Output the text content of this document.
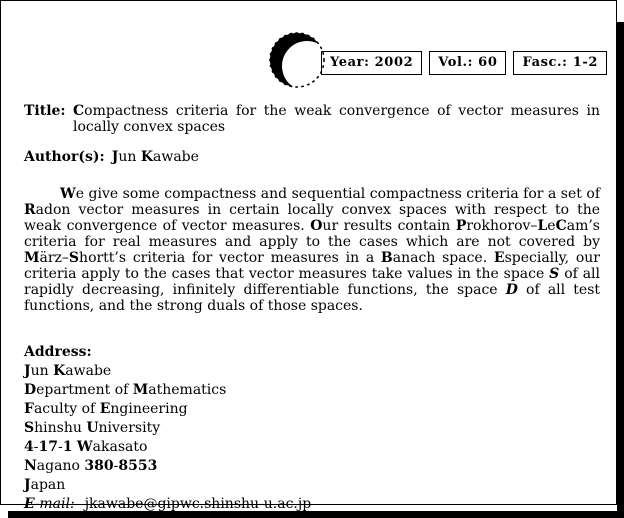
Year: 2002	Vol.: 60	Fasc.: 1-2
Title: Compactness criteria for the weak convergence of vector measures in locally convex spaces
Author(s): Jun Kawabe

We give some compactness and sequential compactness criteria for a set of Radon vector measures in certain locally convex spaces with respect to the weak convergence of vector measures. Our results contain Prokhorov–LeCam’s criteria for real measures and apply to the cases which are not covered by März–Shortt’s criteria for vector measures in a Banach space. Especially, our criteria apply to the cases that vector measures take values in the space S of all rapidly decreasing, infinitely differentiable functions, the space D of all test functions, and the strong duals of those spaces.

Address:
Jun Kawabe
Department of Mathematics
Faculty of Engineering
Shinshu University
4-17-1 Wakasato
Nagano 380-8553
Japan
E-mail: jkawabe@gipwc.shinshu-u.ac.jp
